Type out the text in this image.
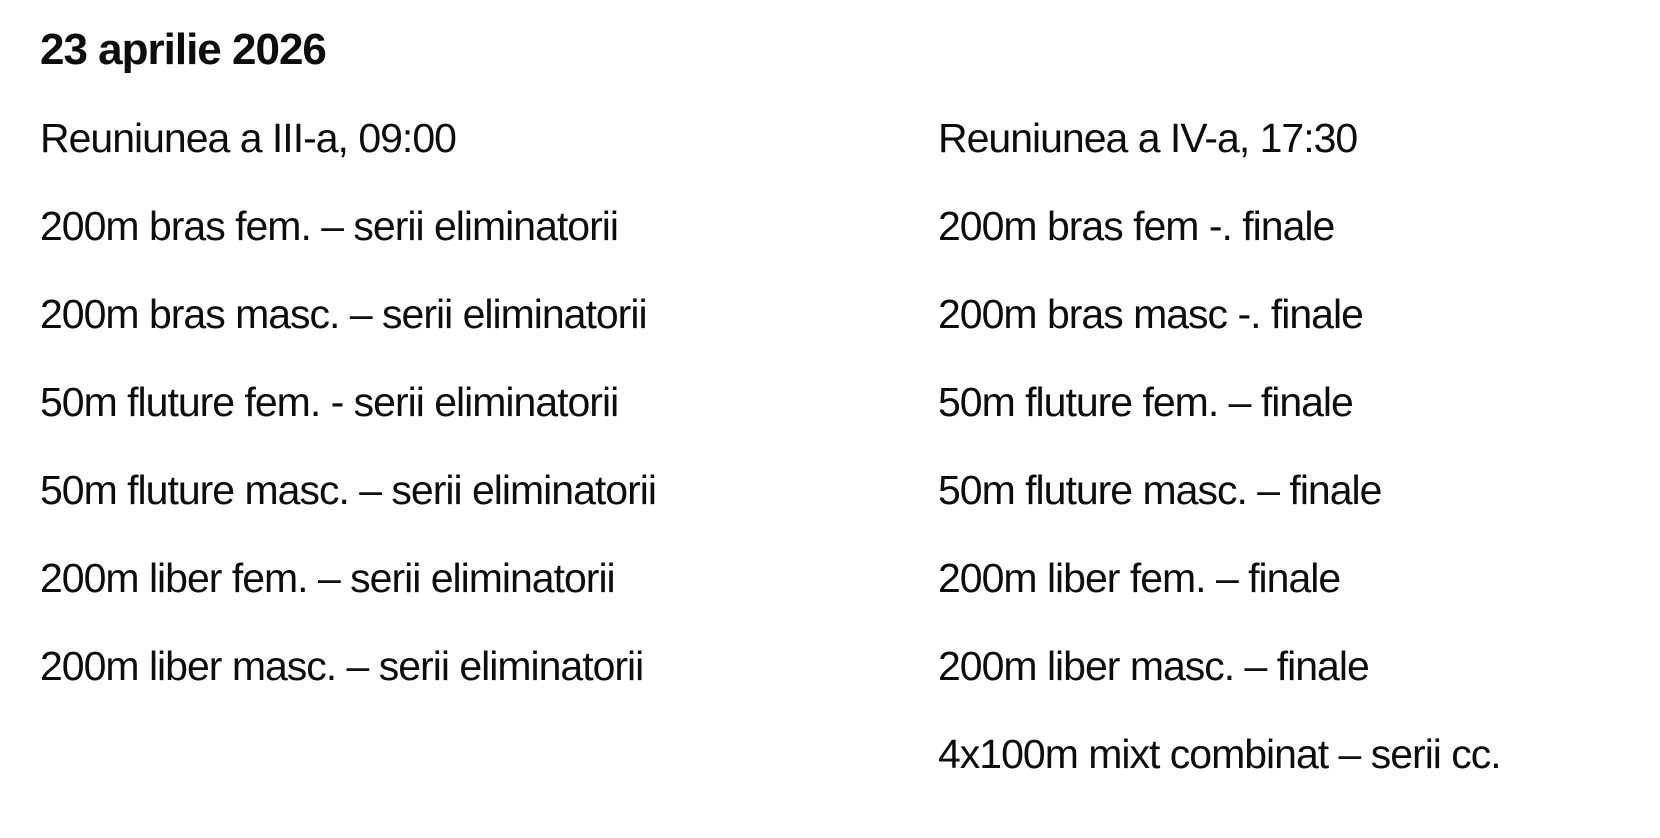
23 aprilie 2026

Reuniunea a III-a, 09:00

200m bras fem. – serii eliminatorii

200m bras masc. – serii eliminatorii

50m fluture fem. - serii eliminatorii

50m fluture masc. – serii eliminatorii

200m liber fem. – serii eliminatorii

200m liber masc. – serii eliminatorii

Reuniunea a IV-a, 17:30

200m bras fem -. finale

200m bras masc -. finale

50m fluture fem. – finale

50m fluture masc. – finale

200m liber fem. – finale

200m liber masc. – finale

4x100m mixt combinat – serii cc.
